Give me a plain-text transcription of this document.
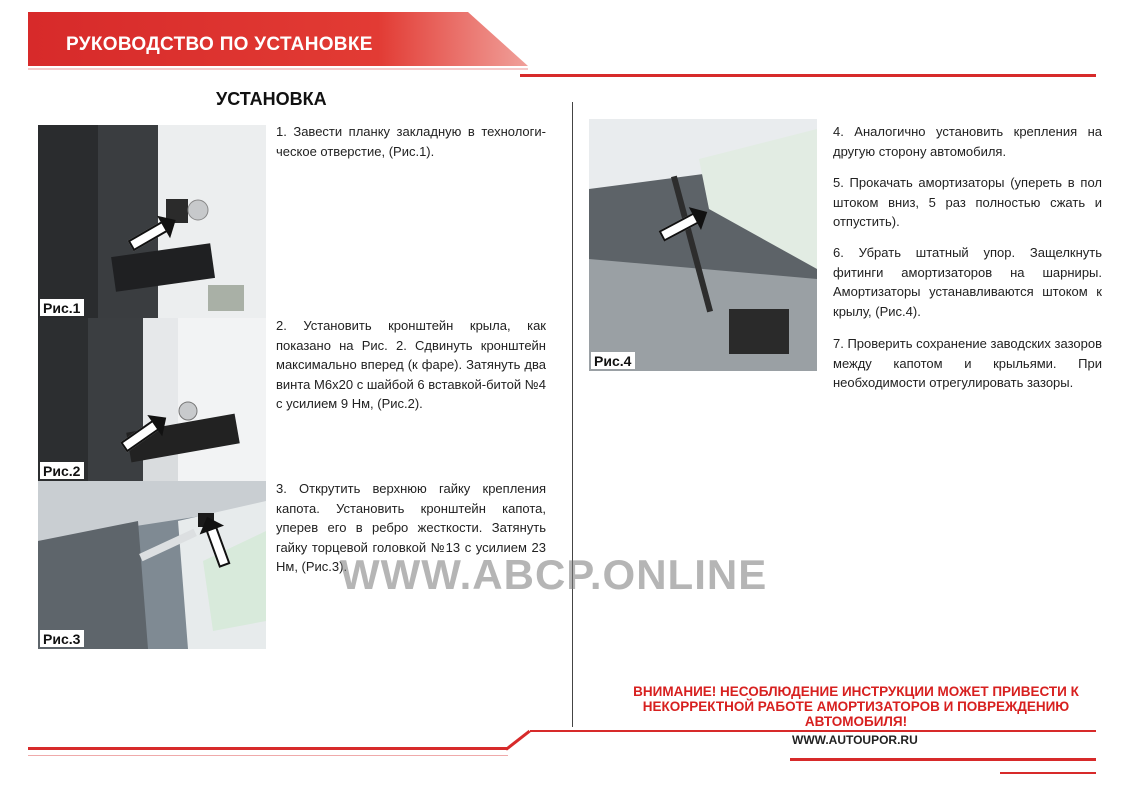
РУКОВОДСТВО ПО УСТАНОВКЕ
УСТАНОВКА
Рис.1
Рис.2
Рис.3
Рис.4

1. Завести планку закладную в технологи-ческое отверстие, (Рис.1).

2. Установить кронштейн крыла, как показано на Рис. 2. Сдвинуть кронштейн максимально вперед (к фаре). Затянуть два винта М6х20 с шайбой 6 вставкой-битой №4 с усилием 9 Нм, (Рис.2).

3. Открутить верхнюю гайку крепления капота. Установить кронштейн капота, уперев его в ребро жесткости. Затянуть гайку торцевой головкой №13 с усилием 23 Нм, (Рис.3).

4. Аналогично установить крепления на другую сторону автомобиля.

5. Прокачать амортизаторы (упереть в пол штоком вниз, 5 раз полностью сжать и отпустить).

6. Убрать штатный упор. Защелкнуть фитинги амортизаторов на шарниры. Амортизаторы устанавливаются штоком к крылу, (Рис.4).

7. Проверить сохранение заводских зазоров между капотом и крыльями. При необходимости отрегулировать зазоры.

WWW.ABCP.ONLINE
ВНИМАНИЕ! НЕСОБЛЮДЕНИЕ ИНСТРУКЦИИ МОЖЕТ ПРИВЕСТИ К НЕКОРРЕКТНОЙ РАБОТЕ АМОРТИЗАТОРОВ И ПОВРЕЖДЕНИЮ АВТОМОБИЛЯ!
WWW.AUTOUPOR.RU
